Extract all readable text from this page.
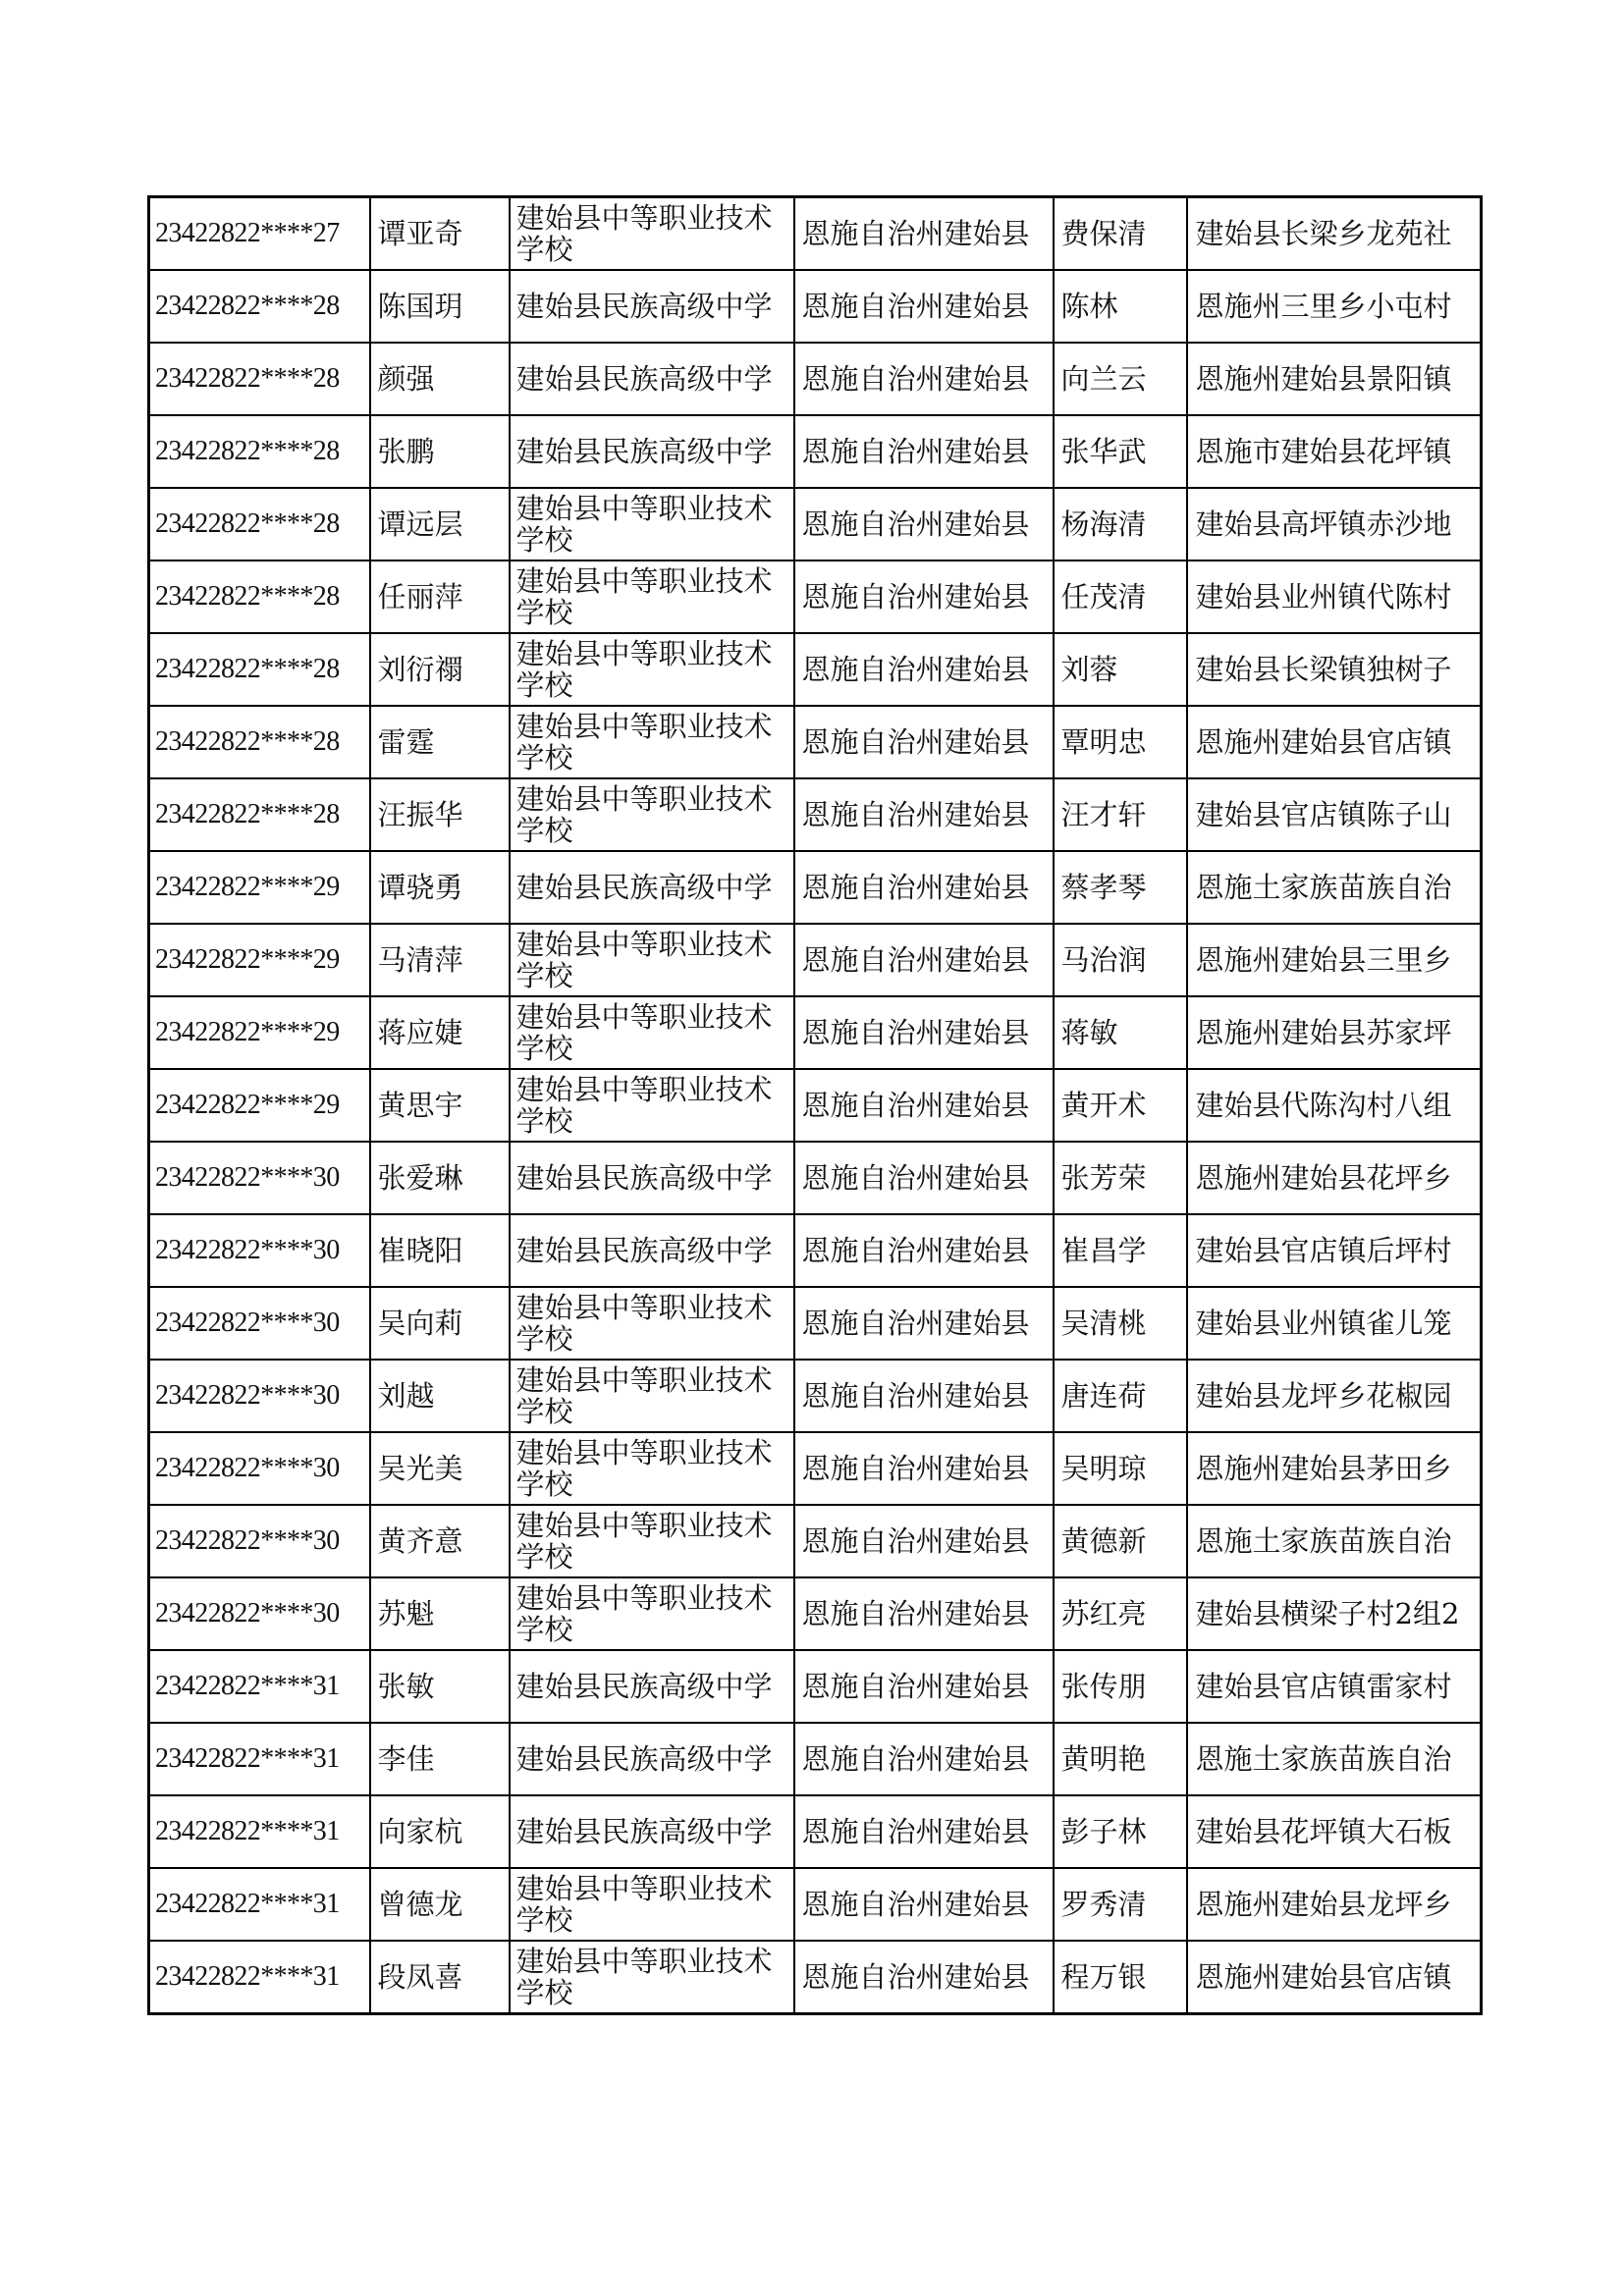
23422822****27	谭亚奇	建始县中等职业技术学校	恩施自治州建始县	费保清	建始县长梁乡龙苑社
23422822****28	陈国玥	建始县民族高级中学	恩施自治州建始县	陈林	恩施州三里乡小屯村
23422822****28	颜强	建始县民族高级中学	恩施自治州建始县	向兰云	恩施州建始县景阳镇
23422822****28	张鹏	建始县民族高级中学	恩施自治州建始县	张华武	恩施市建始县花坪镇
23422822****28	谭远层	建始县中等职业技术学校	恩施自治州建始县	杨海清	建始县高坪镇赤沙地
23422822****28	任丽萍	建始县中等职业技术学校	恩施自治州建始县	任茂清	建始县业州镇代陈村
23422822****28	刘衍禤	建始县中等职业技术学校	恩施自治州建始县	刘蓉	建始县长梁镇独树子
23422822****28	雷霆	建始县中等职业技术学校	恩施自治州建始县	覃明忠	恩施州建始县官店镇
23422822****28	汪振华	建始县中等职业技术学校	恩施自治州建始县	汪才轩	建始县官店镇陈子山
23422822****29	谭骁勇	建始县民族高级中学	恩施自治州建始县	蔡孝琴	恩施土家族苗族自治
23422822****29	马清萍	建始县中等职业技术学校	恩施自治州建始县	马治润	恩施州建始县三里乡
23422822****29	蒋应婕	建始县中等职业技术学校	恩施自治州建始县	蒋敏	恩施州建始县苏家坪
23422822****29	黄思宇	建始县中等职业技术学校	恩施自治州建始县	黄开术	建始县代陈沟村八组
23422822****30	张爱琳	建始县民族高级中学	恩施自治州建始县	张芳荣	恩施州建始县花坪乡
23422822****30	崔晓阳	建始县民族高级中学	恩施自治州建始县	崔昌学	建始县官店镇后坪村
23422822****30	吴向莉	建始县中等职业技术学校	恩施自治州建始县	吴清桃	建始县业州镇雀儿笼
23422822****30	刘越	建始县中等职业技术学校	恩施自治州建始县	唐连荷	建始县龙坪乡花椒园
23422822****30	吴光美	建始县中等职业技术学校	恩施自治州建始县	吴明琼	恩施州建始县茅田乡
23422822****30	黄齐意	建始县中等职业技术学校	恩施自治州建始县	黄德新	恩施土家族苗族自治
23422822****30	苏魁	建始县中等职业技术学校	恩施自治州建始县	苏红亮	建始县横梁子村2组2
23422822****31	张敏	建始县民族高级中学	恩施自治州建始县	张传朋	建始县官店镇雷家村
23422822****31	李佳	建始县民族高级中学	恩施自治州建始县	黄明艳	恩施土家族苗族自治
23422822****31	向家杭	建始县民族高级中学	恩施自治州建始县	彭子林	建始县花坪镇大石板
23422822****31	曾德龙	建始县中等职业技术学校	恩施自治州建始县	罗秀清	恩施州建始县龙坪乡
23422822****31	段凤喜	建始县中等职业技术学校	恩施自治州建始县	程万银	恩施州建始县官店镇
